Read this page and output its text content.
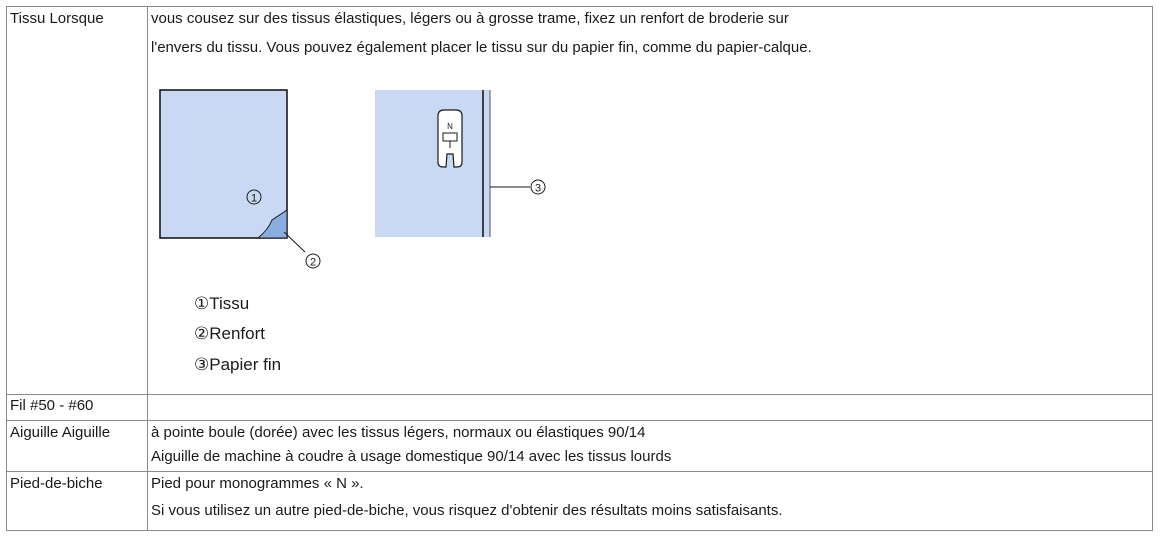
Tissu Lorsque	vous cousez sur des tissus élastiques, légers ou à grosse trame, fixez un renfort de broderie sur
l'envers du tissu. Vous pouvez également placer le tissu sur du papier fin, comme du papier-calque.
1
2
N
3
①Tissu
②Renfort
③Papier fin
Fil #50 - #60
Aiguille Aiguille	à pointe boule (dorée) avec les tissus légers, normaux ou élastiques 90/14
Aiguille de machine à coudre à usage domestique 90/14 avec les tissus lourds
Pied-de-biche	Pied pour monogrammes « N ».
Si vous utilisez un autre pied-de-biche, vous risquez d'obtenir des résultats moins satisfaisants.
